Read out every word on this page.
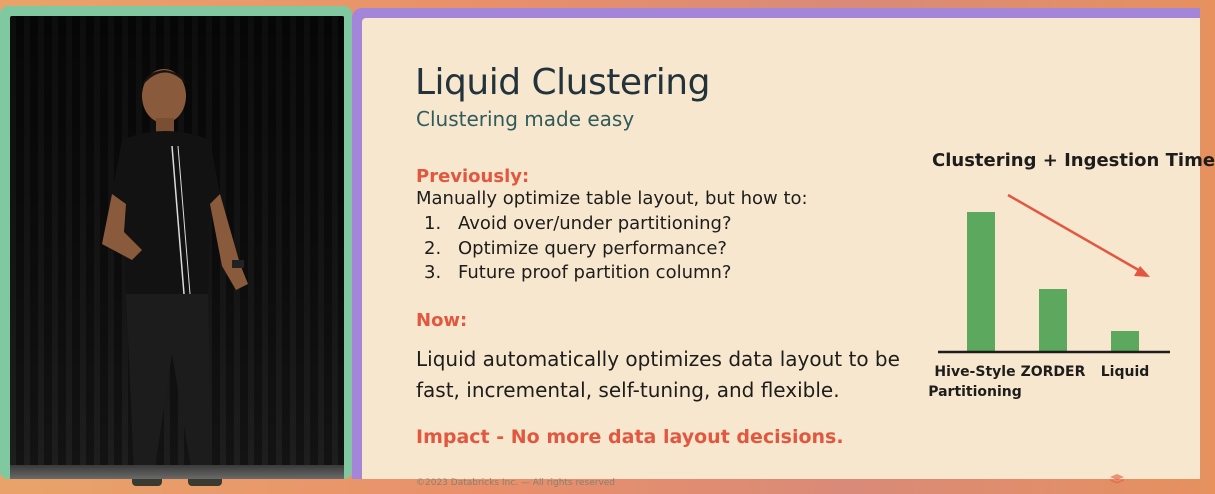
Liquid Clustering
Clustering made easy
Previously:
Manually optimize table layout, but how to:
1. Avoid over/under partitioning?
2. Optimize query performance?
3. Future proof partition column?
Now:
Liquid automatically optimizes data layout to be fast, incremental, self-tuning, and flexible.
Impact - No more data layout decisions.
©2023 Databricks Inc. — All rights reserved
Clustering + Ingestion Time
Hive-Style Partitioning
ZORDER Liquid
